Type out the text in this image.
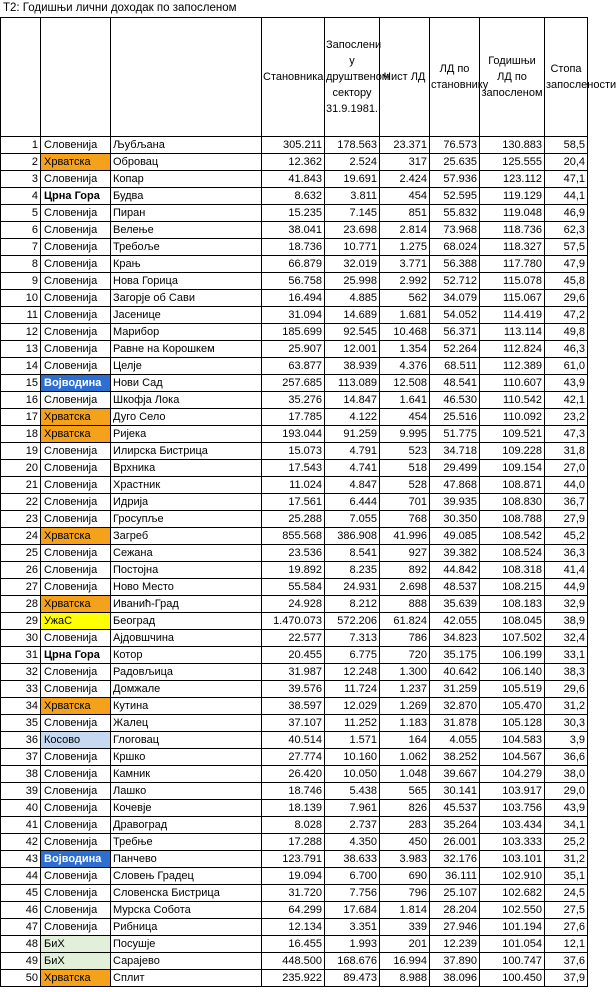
Т2: Годишњи лични доходак по запосленом
			Становника	Запослени у друштвеном сектору 31.9.1981.	Чист ЛД	ЛД по становнику	Годишњи ЛД по запосленом	Стопа запослености
1	Словенија	Љубљана	305.211	178.563	23.371	76.573	130.883	58,5
2	Хрватска	Обровац	12.362	2.524	317	25.635	125.555	20,4
3	Словенија	Копар	41.843	19.691	2.424	57.936	123.112	47,1
4	Црна Гора	Будва	8.632	3.811	454	52.595	119.129	44,1
5	Словенија	Пиран	15.235	7.145	851	55.832	119.048	46,9
6	Словенија	Велење	38.041	23.698	2.814	73.968	118.736	62,3
7	Словенија	Требоље	18.736	10.771	1.275	68.024	118.327	57,5
8	Словенија	Крањ	66.879	32.019	3.771	56.388	117.780	47,9
9	Словенија	Нова Горица	56.758	25.998	2.992	52.712	115.078	45,8
10	Словенија	Загорје об Сави	16.494	4.885	562	34.079	115.067	29,6
11	Словенија	Јасенице	31.094	14.689	1.681	54.052	114.419	47,2
12	Словенија	Марибор	185.699	92.545	10.468	56.371	113.114	49,8
13	Словенија	Равне на Корошкем	25.907	12.001	1.354	52.264	112.824	46,3
14	Словенија	Целје	63.877	38.939	4.376	68.511	112.389	61,0
15	Војводина	Нови Сад	257.685	113.089	12.508	48.541	110.607	43,9
16	Словенија	Шкофја Лока	35.276	14.847	1.641	46.530	110.542	42,1
17	Хрватска	Дуго Село	17.785	4.122	454	25.516	110.092	23,2
18	Хрватска	Ријека	193.044	91.259	9.995	51.775	109.521	47,3
19	Словенија	Илирска Бистрица	15.073	4.791	523	34.718	109.228	31,8
20	Словенија	Врхника	17.543	4.741	518	29.499	109.154	27,0
21	Словенија	Храстник	11.024	4.847	528	47.868	108.871	44,0
22	Словенија	Идрија	17.561	6.444	701	39.935	108.830	36,7
23	Словенија	Гросупље	25.288	7.055	768	30.350	108.788	27,9
24	Хрватска	Загреб	855.568	386.908	41.996	49.085	108.542	45,2
25	Словенија	Сежана	23.536	8.541	927	39.382	108.524	36,3
26	Словенија	Постојна	19.892	8.235	892	44.842	108.318	41,4
27	Словенија	Ново Место	55.584	24.931	2.698	48.537	108.215	44,9
28	Хрватска	Иванић-Град	24.928	8.212	888	35.639	108.183	32,9
29	УжаС	Београд	1.470.073	572.206	61.824	42.055	108.045	38,9
30	Словенија	Ајдовшчина	22.577	7.313	786	34.823	107.502	32,4
31	Црна Гора	Котор	20.455	6.775	720	35.175	106.199	33,1
32	Словенија	Радовљица	31.987	12.248	1.300	40.642	106.140	38,3
33	Словенија	Домжале	39.576	11.724	1.237	31.259	105.519	29,6
34	Хрватска	Кутина	38.597	12.029	1.269	32.870	105.470	31,2
35	Словенија	Жалец	37.107	11.252	1.183	31.878	105.128	30,3
36	Косово	Глоговац	40.514	1.571	164	4.055	104.583	3,9
37	Словенија	Кршко	27.774	10.160	1.062	38.252	104.567	36,6
38	Словенија	Камник	26.420	10.050	1.048	39.667	104.279	38,0
39	Словенија	Лашко	18.746	5.438	565	30.141	103.917	29,0
40	Словенија	Кочевје	18.139	7.961	826	45.537	103.756	43,9
41	Словенија	Дравоград	8.028	2.737	283	35.264	103.434	34,1
42	Словенија	Требње	17.288	4.350	450	26.001	103.333	25,2
43	Војводина	Панчево	123.791	38.633	3.983	32.176	103.101	31,2
44	Словенија	Словењ Градец	19.094	6.700	690	36.111	102.910	35,1
45	Словенија	Словенска Бистрица	31.720	7.756	796	25.107	102.682	24,5
46	Словенија	Мурска Собота	64.299	17.684	1.814	28.204	102.550	27,5
47	Словенија	Рибница	12.134	3.351	339	27.946	101.194	27,6
48	БиХ	Посушје	16.455	1.993	201	12.239	101.054	12,1
49	БиХ	Сарајево	448.500	168.676	16.994	37.890	100.747	37,6
50	Хрватска	Сплит	235.922	89.473	8.988	38.096	100.450	37,9
